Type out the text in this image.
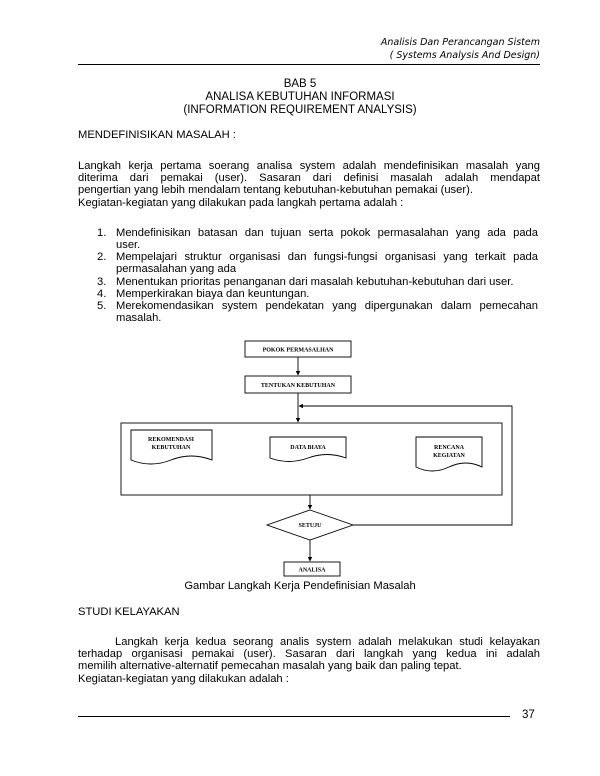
Analisis Dan Perancangan Sistem
( Systems Analysis And Design)
BAB 5
ANALISA KEBUTUHAN INFORMASI
(INFORMATION REQUIREMENT ANALYSIS)
MENDEFINISIKAN MASALAH :
Langkah kerja pertama soerang analisa system adalah mendefinisikan masalah yang
diterima dari pemakai (user). Sasaran dari definisi masalah adalah mendapat
pengertian yang lebih mendalam tentang kebutuhan-kebutuhan pemakai (user).
Kegiatan-kegiatan yang dilakukan pada langkah pertama adalah :
1. Mendefinisikan batasan dan tujuan serta pokok permasalahan yang ada pada
user.
2. Mempelajari struktur organisasi dan fungsi-fungsi organisasi yang terkait pada
permasalahan yang ada
3. Menentukan prioritas penanganan dari masalah kebutuhan-kebutuhan dari user.
4. Memperkirakan biaya dan keuntungan.
5. Merekomendasikan system pendekatan yang dipergunakan dalam pemecahan
masalah.
POKOK PERMASALHAN
TENTUKAN KEBUTUHAN
REKOMENDASI
KEBUTUHAN	DATA BIAYA	RENCANA
KEGIATAN
SETUJU
ANALISA
Gambar Langkah Kerja Pendefinisian Masalah
STUDI KELAYAKAN
Langkah kerja kedua seorang analis system adalah melakukan studi kelayakan
terhadap organisasi pemakai (user). Sasaran dari langkah yang kedua ini adalah
memilih alternative-alternatif pemecahan masalah yang baik dan paling tepat.
Kegiatan-kegiatan yang dilakukan adalah :
37
